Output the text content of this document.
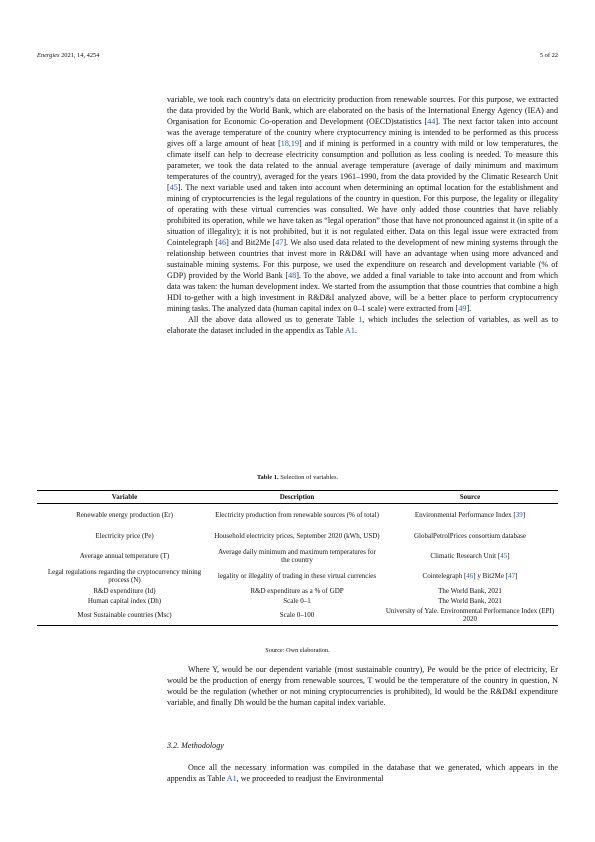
Energies 2021, 14, 4254	5 of 22

variable, we took each country’s data on electricity production from renewable sources. For this purpose, we extracted the data provided by the World Bank, which are elaborated on the basis of the International Energy Agency (IEA) and Organisation for Economic Co-operation and Development (OECD)statistics [44]. The next factor taken into account was the average temperature of the country where cryptocurrency mining is intended to be performed as this process gives off a large amount of heat [18,19] and if mining is performed in a country with mild or low temperatures, the climate itself can help to decrease electricity consumption and pollution as less cooling is needed. To measure this parameter, we took the data related to the annual average temperature (average of daily minimum and maximum temperatures of the country), averaged for the years 1961–1990, from the data provided by the Climatic Research Unit [45]. The next variable used and taken into account when determining an optimal location for the establishment and mining of cryptocurrencies is the legal regulations of the country in question. For this purpose, the legality or illegality of operating with these virtual currencies was consulted. We have only added those countries that have reliably prohibited its operation, while we have taken as “legal operation” those that have not pronounced against it (in spite of a situation of illegality); it is not prohibited, but it is not regulated either. Data on this legal issue were extracted from Cointelegraph [46] and Bit2Me [47]. We also used data related to the development of new mining systems through the relationship between countries that invest more in R&D&I will have an advantage when using more advanced and sustainable mining systems. For this purpose, we used the expenditure on research and development variable (% of GDP) provided by the World Bank [48]. To the above, we added a final variable to take into account and from which data was taken: the human development index. We started from the assumption that those countries that combine a high HDI to-gether with a high investment in R&D&I analyzed above, will be a better place to perform cryptocurrency mining tasks. The analyzed data (human capital index on 0–1 scale) were extracted from [49].

All the above data allowed us to generate Table 1, which includes the selection of variables, as well as to elaborate the dataset included in the appendix as Table A1.

Table 1. Selection of variables.
Variable	Description	Source
Renewable energy production (Er)	Electricity production from renewable sources (% of total)	Environmental Performance Index [39]
Electricity price (Pe)	Household electricity prices, September 2020 (kWh, USD)	GlobalPetrolPrices consortium database
Average annual temperature (T)	Average daily minimum and maximum temperatures for the country	Climatic Research Unit [45]
Legal regulations regarding the cryptocurrency mining process (N)	legality or illegality of trading in these virtual currencies	Cointelegraph [46] y Bit2Me [47]
R&D expenditure (Id)	R&D expenditure as a % of GDP	The World Bank, 2021
Human capital index (Dh)	Scale 0–1	The World Bank, 2021
Most Sustainable countries (Msc)	Scale 0–100	University of Yale. Environmental Performance Index (EPI) 2020
Source: Own elaboration.

Where Y, would be our dependent variable (most sustainable country), Pe would be the price of electricity, Er would be the production of energy from renewable sources, T would be the temperature of the country in question, N would be the regulation (whether or not mining cryptocurrencies is prohibited), Id would be the R&D&I expenditure variable, and finally Dh would be the human capital index variable.

3.2. Methodology

Once all the necessary information was compiled in the database that we generated, which appears in the appendix as Table A1, we proceeded to readjust the Environmental
